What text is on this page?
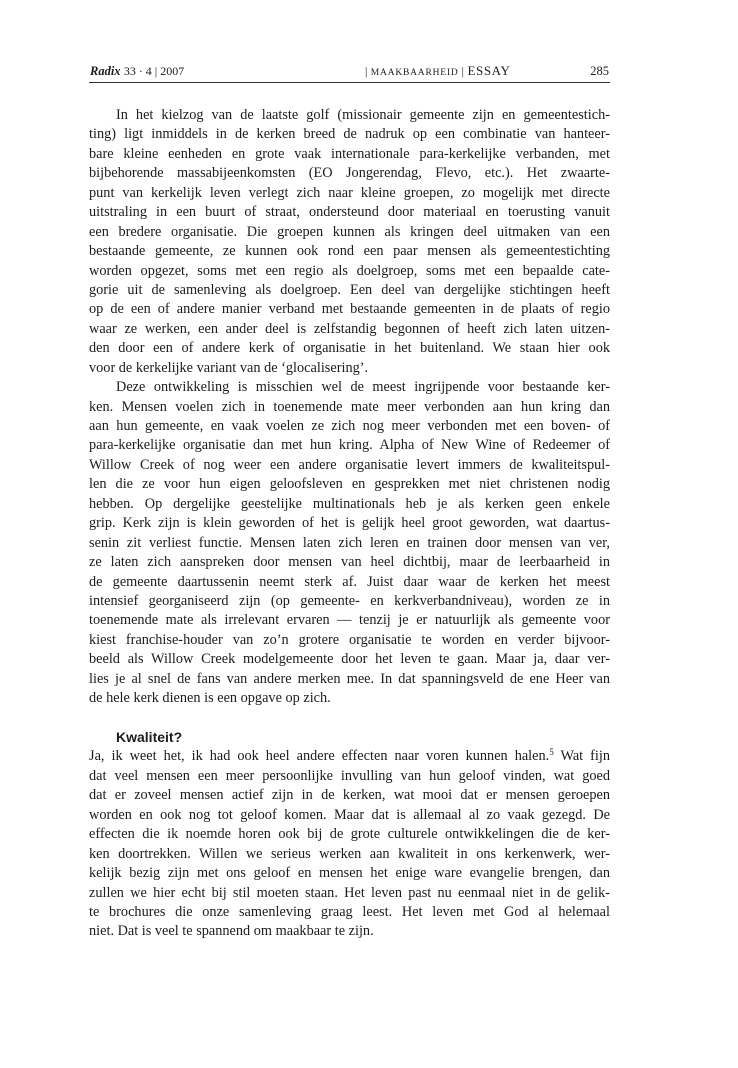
Radix 33 · 4 | 2007	| MAAKBAARHEID | ESSAY	285
In het kielzog van de laatste golf (missionair gemeente zijn en gemeentestich-
ting) ligt inmiddels in de kerken breed de nadruk op een combinatie van hanteer-
bare kleine eenheden en grote vaak internationale para-kerkelijke verbanden, met
bijbehorende massabijeenkomsten (EO Jongerendag, Flevo, etc.). Het zwaarte-
punt van kerkelijk leven verlegt zich naar kleine groepen, zo mogelijk met directe
uitstraling in een buurt of straat, ondersteund door materiaal en toerusting vanuit
een bredere organisatie. Die groepen kunnen als kringen deel uitmaken van een
bestaande gemeente, ze kunnen ook rond een paar mensen als gemeentestichting
worden opgezet, soms met een regio als doelgroep, soms met een bepaalde cate-
gorie uit de samenleving als doelgroep. Een deel van dergelijke stichtingen heeft
op de een of andere manier verband met bestaande gemeenten in de plaats of regio
waar ze werken, een ander deel is zelfstandig begonnen of heeft zich laten uitzen-
den door een of andere kerk of organisatie in het buitenland. We staan hier ook
voor de kerkelijke variant van de ‘glocalisering’.
Deze ontwikkeling is misschien wel de meest ingrijpende voor bestaande ker-
ken. Mensen voelen zich in toenemende mate meer verbonden aan hun kring dan
aan hun gemeente, en vaak voelen ze zich nog meer verbonden met een boven- of
para-kerkelijke organisatie dan met hun kring. Alpha of New Wine of Redeemer of
Willow Creek of nog weer een andere organisatie levert immers de kwaliteitspul-
len die ze voor hun eigen geloofsleven en gesprekken met niet christenen nodig
hebben. Op dergelijke geestelijke multinationals heb je als kerken geen enkele
grip. Kerk zijn is klein geworden of het is gelijk heel groot geworden, wat daartus-
senin zit verliest functie. Mensen laten zich leren en trainen door mensen van ver,
ze laten zich aanspreken door mensen van heel dichtbij, maar de leerbaarheid in
de gemeente daartussenin neemt sterk af. Juist daar waar de kerken het meest
intensief georganiseerd zijn (op gemeente- en kerkverbandniveau), worden ze in
toenemende mate als irrelevant ervaren — tenzij je er natuurlijk als gemeente voor
kiest franchise-houder van zo’n grotere organisatie te worden en verder bijvoor-
beeld als Willow Creek modelgemeente door het leven te gaan. Maar ja, daar ver-
lies je al snel de fans van andere merken mee. In dat spanningsveld de ene Heer van
de hele kerk dienen is een opgave op zich.
Kwaliteit?
Ja, ik weet het, ik had ook heel andere effecten naar voren kunnen halen.$^5$ Wat fijn
dat veel mensen een meer persoonlijke invulling van hun geloof vinden, wat goed
dat er zoveel mensen actief zijn in de kerken, wat mooi dat er mensen geroepen
worden en ook nog tot geloof komen. Maar dat is allemaal al zo vaak gezegd. De
effecten die ik noemde horen ook bij de grote culturele ontwikkelingen die de ker-
ken doortrekken. Willen we serieus werken aan kwaliteit in ons kerkenwerk, wer-
kelijk bezig zijn met ons geloof en mensen het enige ware evangelie brengen, dan
zullen we hier echt bij stil moeten staan. Het leven past nu eenmaal niet in de gelik-
te brochures die onze samenleving graag leest. Het leven met God al helemaal
niet. Dat is veel te spannend om maakbaar te zijn.
